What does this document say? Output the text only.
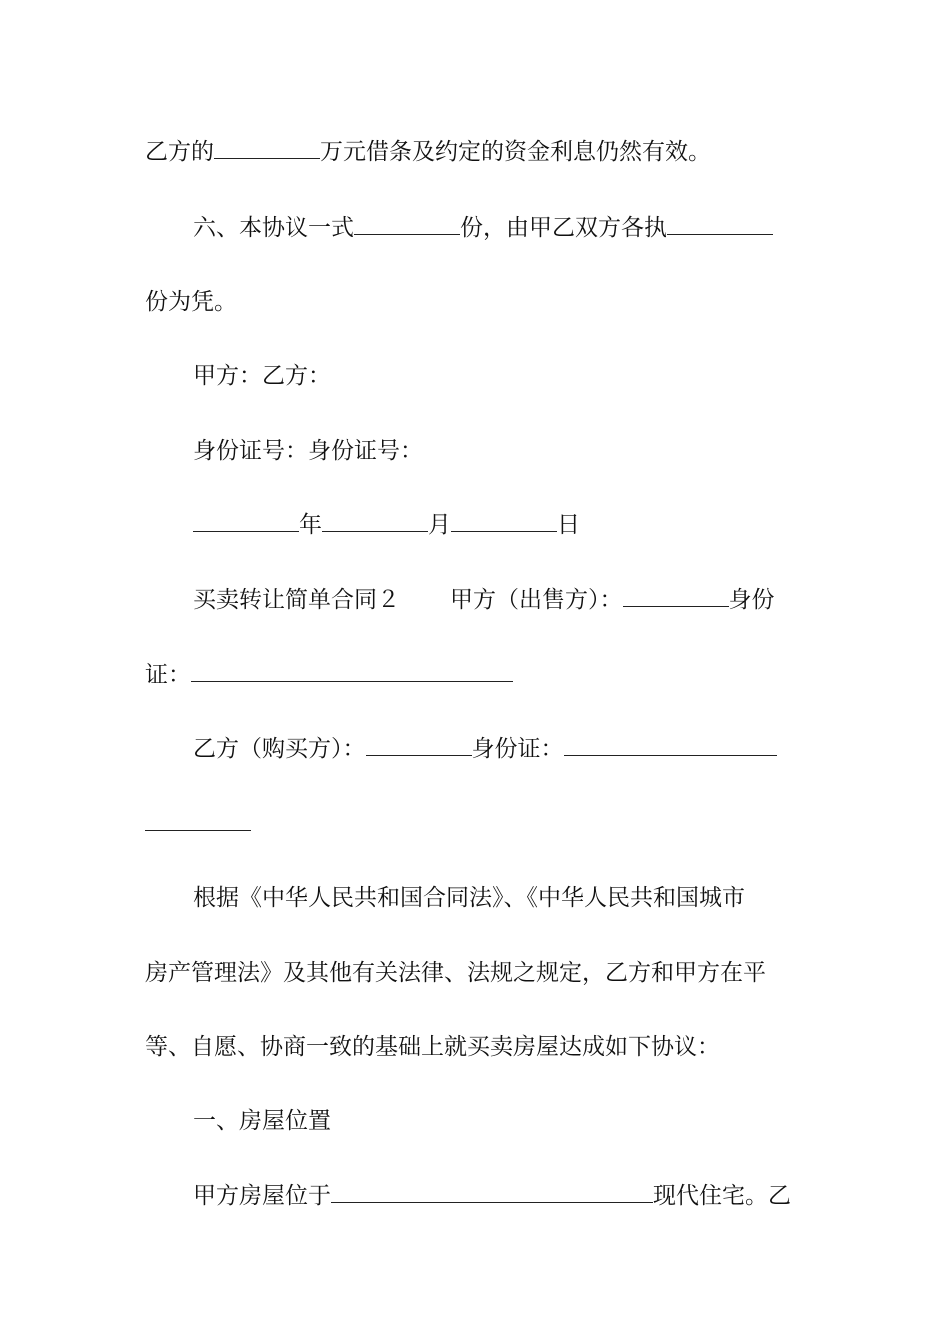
乙方的	万元借条及约定的资金利息仍然有效。
六、本协议一式	份，由甲乙双方各执
份为凭。
甲方：乙方：
身份证号：身份证号：
年	月	日
买卖转让简单合同２ 甲方（出售方）：	身份
证：
乙方（购买方）：	身份证：
根据《中华人民共和国合同法》、《中华人民共和国城市
房产管理法》及其他有关法律、法规之规定，乙方和甲方在平
等、自愿、协商一致的基础上就买卖房屋达成如下协议：
一、房屋位置
甲方房屋位于	现代住宅。乙
